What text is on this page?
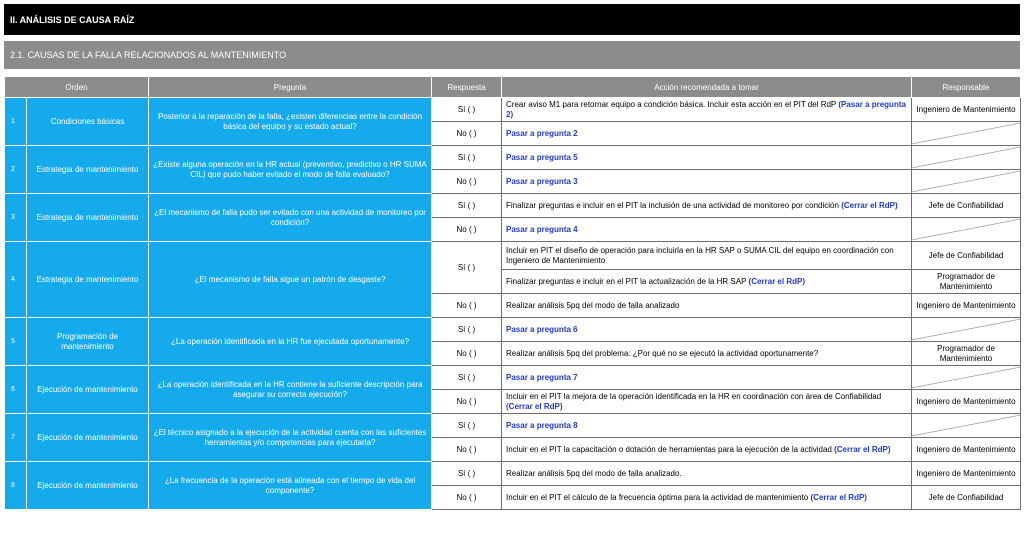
II. ANÁLISIS DE CAUSA RAÍZ
2.1. CAUSAS DE LA FALLA RELACIONADOS AL MANTENIMIENTO
Orden		Pregunta	Respuesta	Acción recomendada a tomar	Responsable
1	Condiciones básicas	Posterior a la reparación de la falla, ¿existen diferencias entre la condición básica del equipo y su estado actual?	Sí ( )	Crear aviso M1 para retornar equipo a condición básica. Incluir esta acción en el PIT del RdP (Pasar a pregunta 2)	Ingeniero de Mantenimiento
			No ( )	Pasar a pregunta 2	

2	Estrategia de mantenimiento	¿Existe alguna operación en la HR actual (preventivo, predictivo o HR SUMA CIL) que pudo haber evitado el modo de falla evaluado?	Sí ( )	Pasar a pregunta 5	

			No ( )	Pasar a pregunta 3	

3	Estrategia de mantenimiento	¿El mecanismo de falla pudo ser evitado con una actividad de monitoreo por condición?	Sí ( )	Finalizar preguntas e incluir en el PIT la inclusión de una actividad de monitoreo por condición (Cerrar el RdP)	Jefe de Confiabilidad
			No ( )	Pasar a pregunta 4	

4	Estrategia de mantenimiento	¿El mecanismo de falla sigue un patrón de desgaste?	Sí ( )	Incluir en PIT el diseño de operación para incluirla en la HR SAP o SUMA CIL del equipo en coordinación con Ingeniero de Mantenimiento	Jefe de Confiabilidad
				Finalizar preguntas e incluir en el PIT la actualización de la HR SAP (Cerrar el RdP)	Programador de Mantenimiento
			No ( )	Realizar análisis 5pq del modo de falla analizado	Ingeniero de Mantenimiento
5	Programación de mantenimiento	¿La operación identificada en la HR fue ejecutada oportunamente?	Sí ( )	Pasar a pregunta 6	

			No ( )	Realizar análisis 5pq del problema: ¿Por qué no se ejecutó la actividad oportunamente?	Programador de Mantenimiento
6	Ejecución de mantenimiento	¿La operación identificada en la HR contiene la suficiente descripción para asegurar su correcta ejecución?	Sí ( )	Pasar a pregunta 7	

			No ( )	Incluir en el PIT la mejora de la operación identificada en la HR en coordinación con área de Confiabilidad (Cerrar el RdP)	Ingeniero de Mantenimiento
7	Ejecución de mantenimiento	¿El técnico asignado a la ejecución de la actividad cuenta con las suficientes herramientas y/o competencias para ejecutarla?	Sí ( )	Pasar a pregunta 8	

			No ( )	Incluir en el PIT la capacitación o dotación de herramientas para la ejecución de la actividad (Cerrar el RdP)	Ingeniero de Mantenimiento
8	Ejecución de mantenimiento	¿La frecuencia de la operación está alineada con el tiempo de vida del componente?	Sí ( )	Realizar análisis 5pq del modo de falla analizado.	Ingeniero de Mantenimiento
			No ( )	Incluir en el PIT el cálculo de la frecuencia óptima para la actividad de mantenimiento (Cerrar el RdP)	Jefe de Confiabilidad
